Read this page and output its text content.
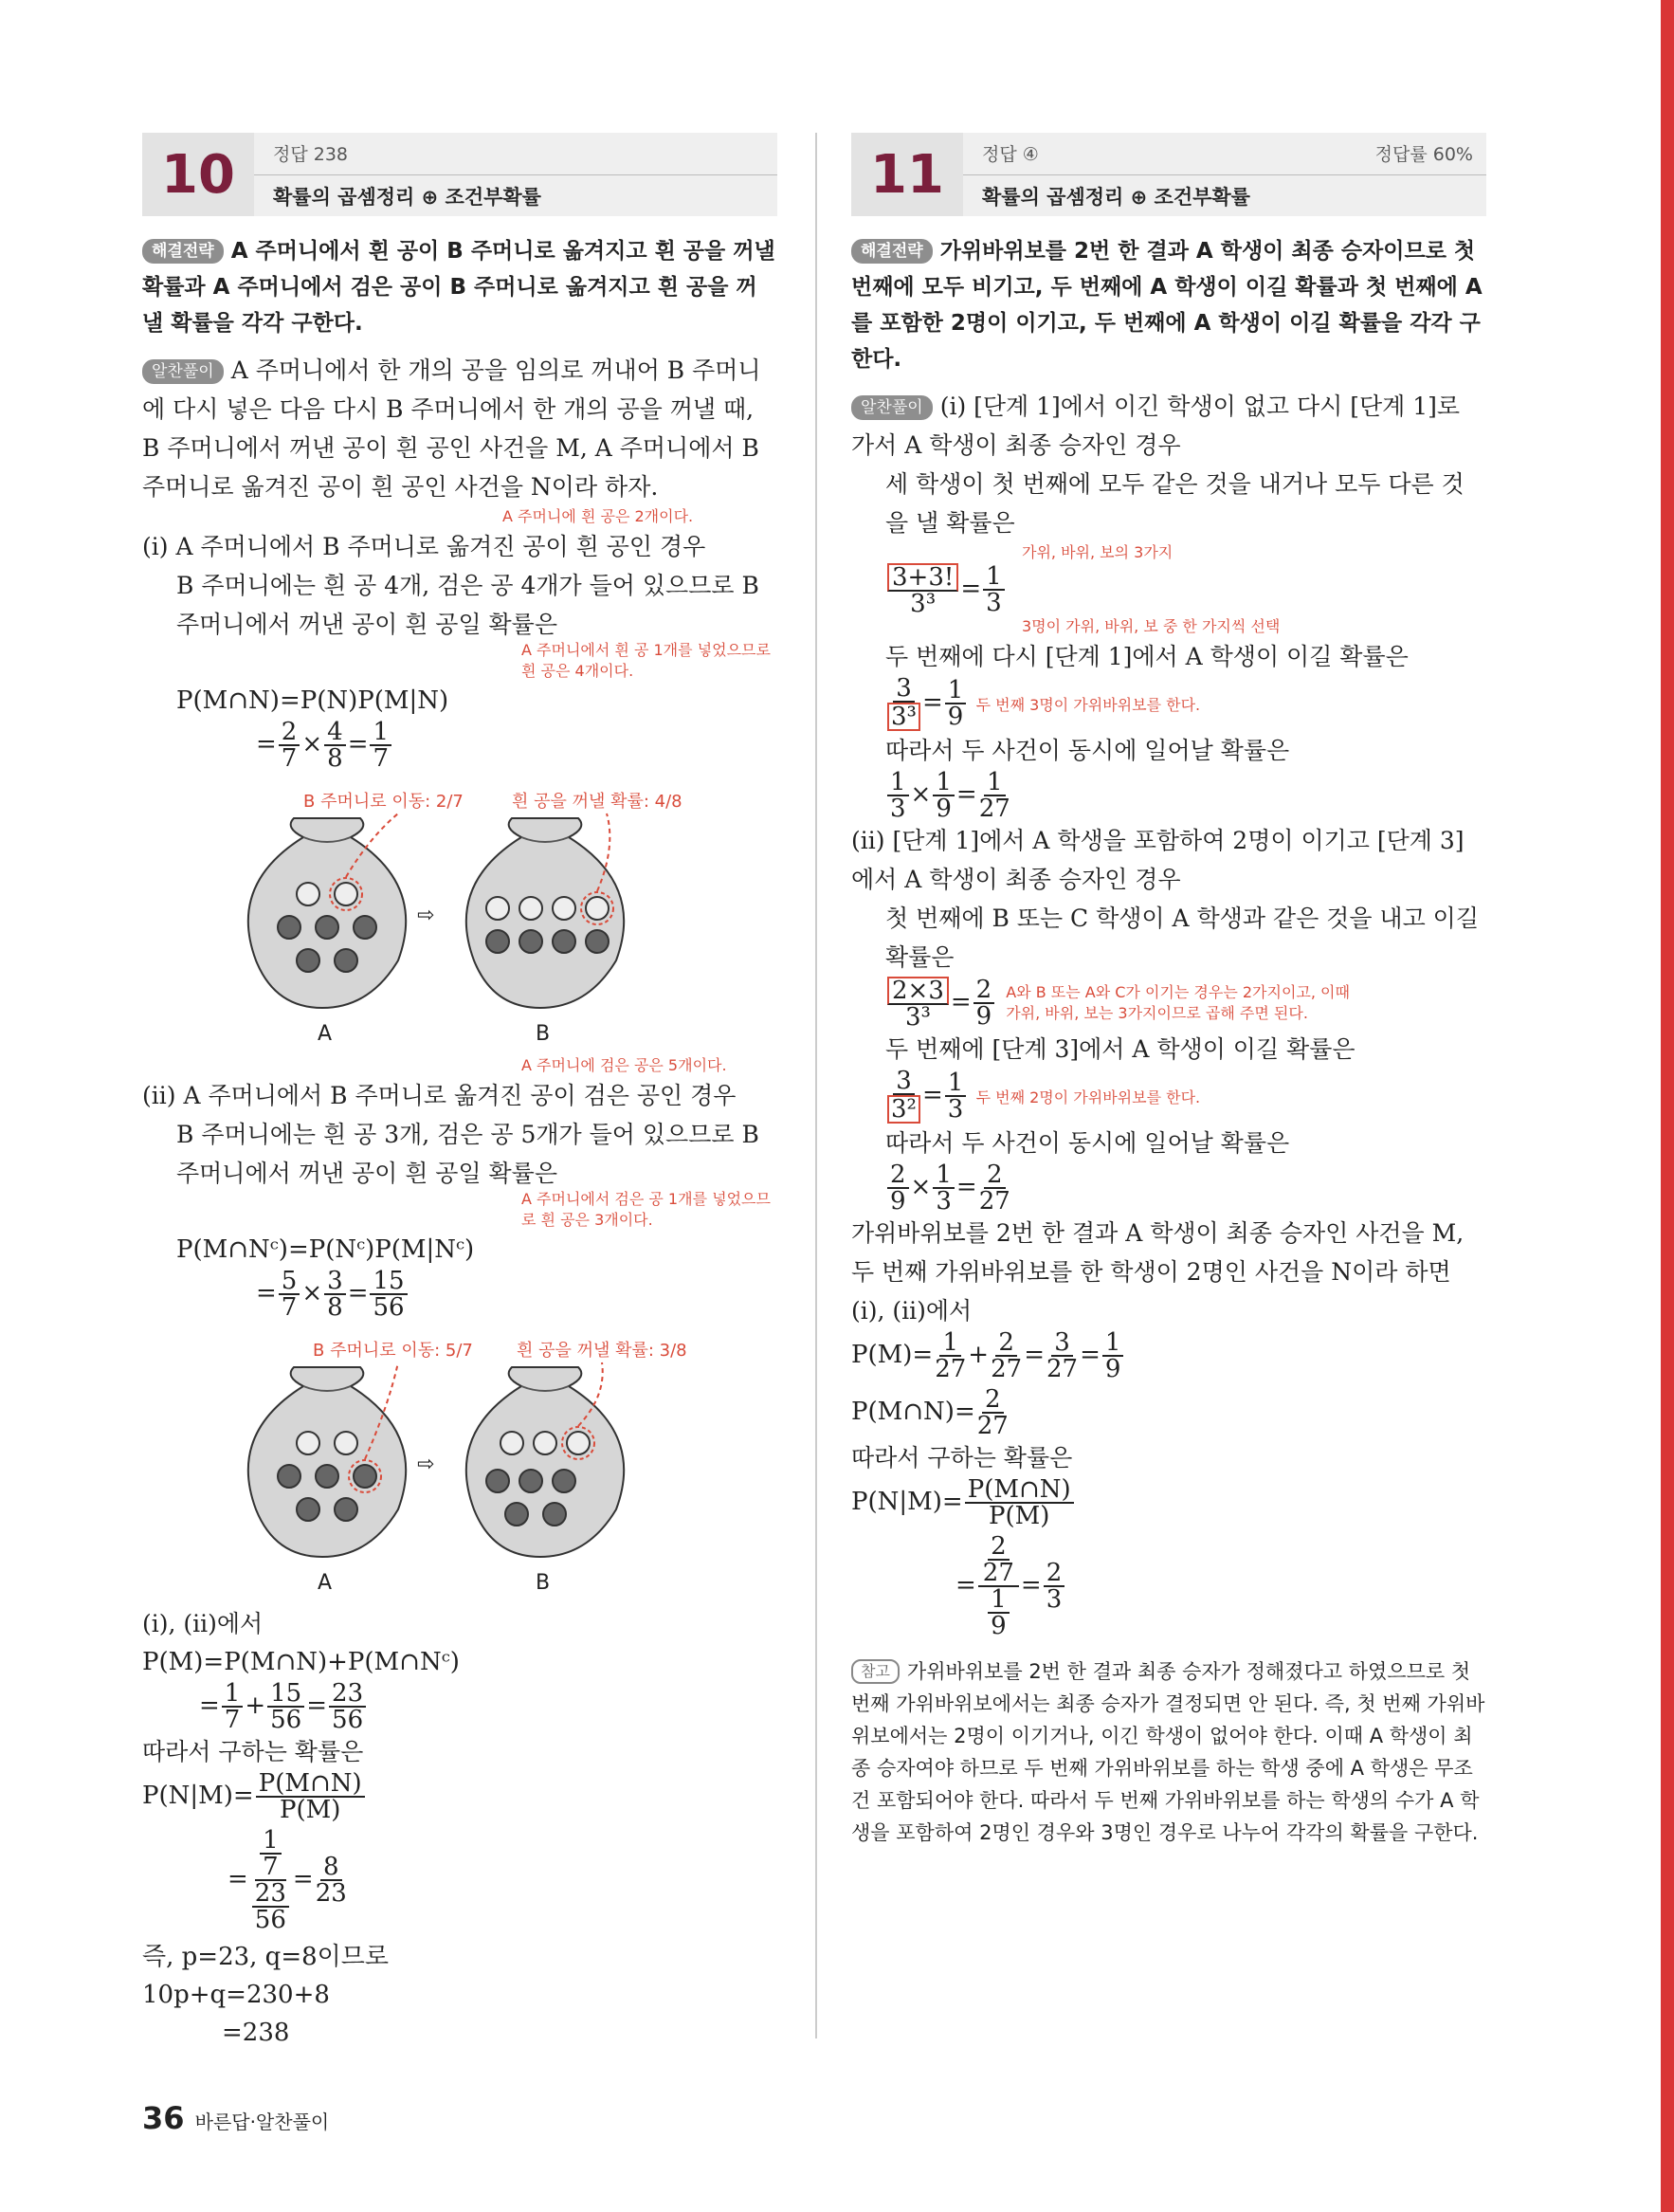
10	정답 238
확률의 곱셈정리 ⊕ 조건부확률

해결전략 A 주머니에서 흰 공이 B 주머니로 옮겨지고 흰 공을 꺼낼 확률과 A 주머니에서 검은 공이 B 주머니로 옮겨지고 흰 공을 꺼낼 확률을 각각 구한다.

알찬풀이 A 주머니에서 한 개의 공을 임의로 꺼내어 B 주머니에 다시 넣은 다음 다시 B 주머니에서 한 개의 공을 꺼낼 때, B 주머니에서 꺼낸 공이 흰 공인 사건을 M, A 주머니에서 B 주머니로 옮겨진 공이 흰 공인 사건을 N이라 하자.

A 주머니에 흰 공은 2개이다.

(i) A 주머니에서 B 주머니로 옮겨진 공이 흰 공인 경우

B 주머니에는 흰 공 4개, 검은 공 4개가 들어 있으므로 B 주머니에서 꺼낸 공이 흰 공일 확률은

A 주머니에서 흰 공 1개를 넣었으므로 흰 공은 4개이다.
P(M∩N)=P(N)P(M|N)
= $\frac{2}{7} \times \frac{4}{8} = \frac{1}{7}$
B 주머니로 이동: 2/7	흰 공을 꺼낼 확률: 4/8
⇨
A	B
A 주머니에 검은 공은 5개이다.

(ii) A 주머니에서 B 주머니로 옮겨진 공이 검은 공인 경우

B 주머니에는 흰 공 3개, 검은 공 5개가 들어 있으므로 B 주머니에서 꺼낸 공이 흰 공일 확률은

A 주머니에서 검은 공 1개를 넣었으므로 흰 공은 3개이다.
P(M∩Nᶜ)=P(Nᶜ)P(M|Nᶜ)
= $\frac{5}{7} \times \frac{3}{8} = \frac{15}{56}$
B 주머니로 이동: 5/7	흰 공을 꺼낼 확률: 3/8
⇨
A	B

(i), (ii)에서

P(M)=P(M∩N)+P(M∩Nᶜ)
= $\frac{1}{7} + \frac{15}{56} = \frac{23}{56}$

따라서 구하는 확률은

$P(N|M)= \frac{P(M\cap N)}{P(M)}$
= $\frac{\frac{1}{7}}{\frac{23}{56}} = \frac{8}{23}$
즉, p=23, q=8이므로
10p+q=230+8
=238
11	정답 ④	정답률 60%
확률의 곱셈정리 ⊕ 조건부확률

해결전략 가위바위보를 2번 한 결과 A 학생이 최종 승자이므로 첫 번째에 모두 비기고, 두 번째에 A 학생이 이길 확률과 첫 번째에 A를 포함한 2명이 이기고, 두 번째에 A 학생이 이길 확률을 각각 구한다.

알찬풀이 (i) [단계 1]에서 이긴 학생이 없고 다시 [단계 1]로 가서 A 학생이 최종 승자인 경우

세 학생이 첫 번째에 모두 같은 것을 내거나 모두 다른 것을 낼 확률은

가위, 바위, 보의 3가지
$\frac{3+3!}{\text{3³}} = \frac{1}{3}$
3명이 가위, 바위, 보 중 한 가지씩 선택

두 번째에 다시 [단계 1]에서 A 학생이 이길 확률은

$\frac{3}{\text{3³}} = \frac{1}{9}$ 두 번째 3명이 가위바위보를 한다.

따라서 두 사건이 동시에 일어날 확률은

$\frac{1}{3} \times \frac{1}{9} = \frac{1}{27}$

(ii) [단계 1]에서 A 학생을 포함하여 2명이 이기고 [단계 3]에서 A 학생이 최종 승자인 경우

첫 번째에 B 또는 C 학생이 A 학생과 같은 것을 내고 이길 확률은

$\frac{2\times 3}{\text{3³}} = \frac{2}{9}$ A와 B 또는 A와 C가 이기는 경우는 2가지이고, 이때 가위, 바위, 보는 3가지이므로 곱해 주면 된다.

두 번째에 [단계 3]에서 A 학생이 이길 확률은

$\frac{3}{\text{3²}} = \frac{1}{3}$ 두 번째 2명이 가위바위보를 한다.

따라서 두 사건이 동시에 일어날 확률은

$\frac{2}{9} \times \frac{1}{3} = \frac{2}{27}$

가위바위보를 2번 한 결과 A 학생이 최종 승자인 사건을 M, 두 번째 가위바위보를 한 학생이 2명인 사건을 N이라 하면

(i), (ii)에서

$P(M)= \frac{1}{27} + \frac{2}{27} = \frac{3}{27} = \frac{1}{9}$
P(M∩N)= $\frac{2}{27}$

따라서 구하는 확률은

$P(N|M)= \frac{P(M\cap N)}{P(M)}$
= $\frac{\frac{2}{27}}{\frac{1}{9}} = \frac{2}{3}$

참고 가위바위보를 2번 한 결과 최종 승자가 정해졌다고 하였으므로 첫 번째 가위바위보에서는 최종 승자가 결정되면 안 된다. 즉, 첫 번째 가위바위보에서는 2명이 이기거나, 이긴 학생이 없어야 한다. 이때 A 학생이 최종 승자여야 하므로 두 번째 가위바위보를 하는 학생 중에 A 학생은 무조건 포함되어야 한다. 따라서 두 번째 가위바위보를 하는 학생의 수가 A 학생을 포함하여 2명인 경우와 3명인 경우로 나누어 각각의 확률을 구한다.

36 바른답·알찬풀이
